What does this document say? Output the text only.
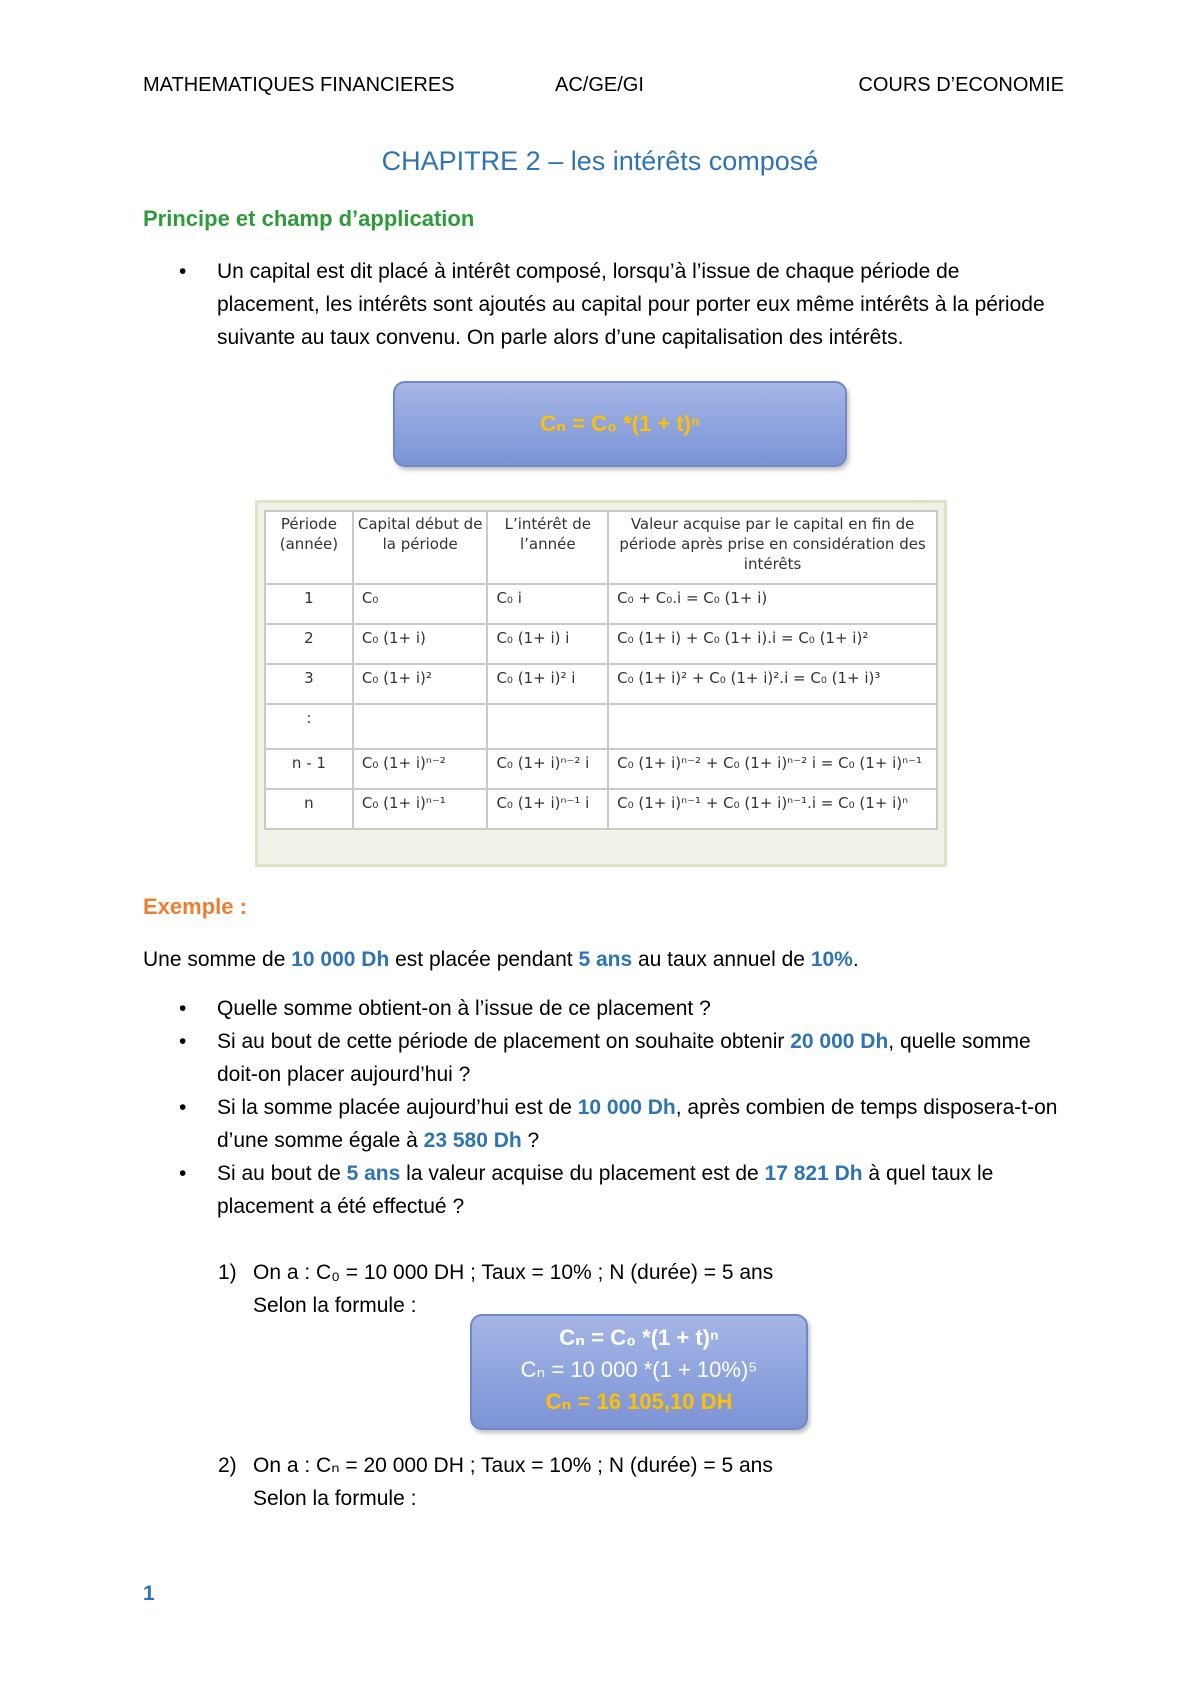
MATHEMATIQUES FINANCIERES	AC/GE/GI	COURS D’ECONOMIE
CHAPITRE 2 – les intérêts composé
Principe et champ d’application
• Un capital est dit placé à intérêt composé, lorsqu’à l’issue de chaque période de placement, les intérêts sont ajoutés au capital pour porter eux même intérêts à la période suivante au taux convenu. On parle alors d’une capitalisation des intérêts.
Cₙ = C₀ *(1 + t)ⁿ
Période (année)	Capital début de la période	L’intérêt de l’année	Valeur acquise par le capital en fin de période après prise en considération des intérêts
1	C₀	C₀ i	C₀ + C₀.i = C₀ (1+ i)
2	C₀ (1+ i)	C₀ (1+ i) i	C₀ (1+ i) + C₀ (1+ i).i = C₀ (1+ i)²
3	C₀ (1+ i)²	C₀ (1+ i)² i	C₀ (1+ i)² + C₀ (1+ i)².i = C₀ (1+ i)³
:			
n - 1	C₀ (1+ i)ⁿ⁻²	C₀ (1+ i)ⁿ⁻² i	C₀ (1+ i)ⁿ⁻² + C₀ (1+ i)ⁿ⁻² i = C₀ (1+ i)ⁿ⁻¹
n	C₀ (1+ i)ⁿ⁻¹	C₀ (1+ i)ⁿ⁻¹ i	C₀ (1+ i)ⁿ⁻¹ + C₀ (1+ i)ⁿ⁻¹.i = C₀ (1+ i)ⁿ
Exemple :
Une somme de 10 000 Dh est placée pendant 5 ans au taux annuel de 10%.
• Quelle somme obtient-on à l’issue de ce placement ?
• Si au bout de cette période de placement on souhaite obtenir 20 000 Dh, quelle somme doit-on placer aujourd’hui ?
• Si la somme placée aujourd’hui est de 10 000 Dh, après combien de temps disposera-t-on d’une somme égale à 23 580 Dh ?
• Si au bout de 5 ans la valeur acquise du placement est de 17 821 Dh à quel taux le placement a été effectué ?
1) On a : C₀ = 10 000 DH ; Taux = 10% ; N (durée) = 5 ans
Selon la formule :
Cₙ = C₀ *(1 + t)ⁿ
Cₙ = 10 000 *(1 + 10%)⁵
Cₙ = 16 105,10 DH
2) On a : Cₙ = 20 000 DH ; Taux = 10% ; N (durée) = 5 ans
Selon la formule :
1
